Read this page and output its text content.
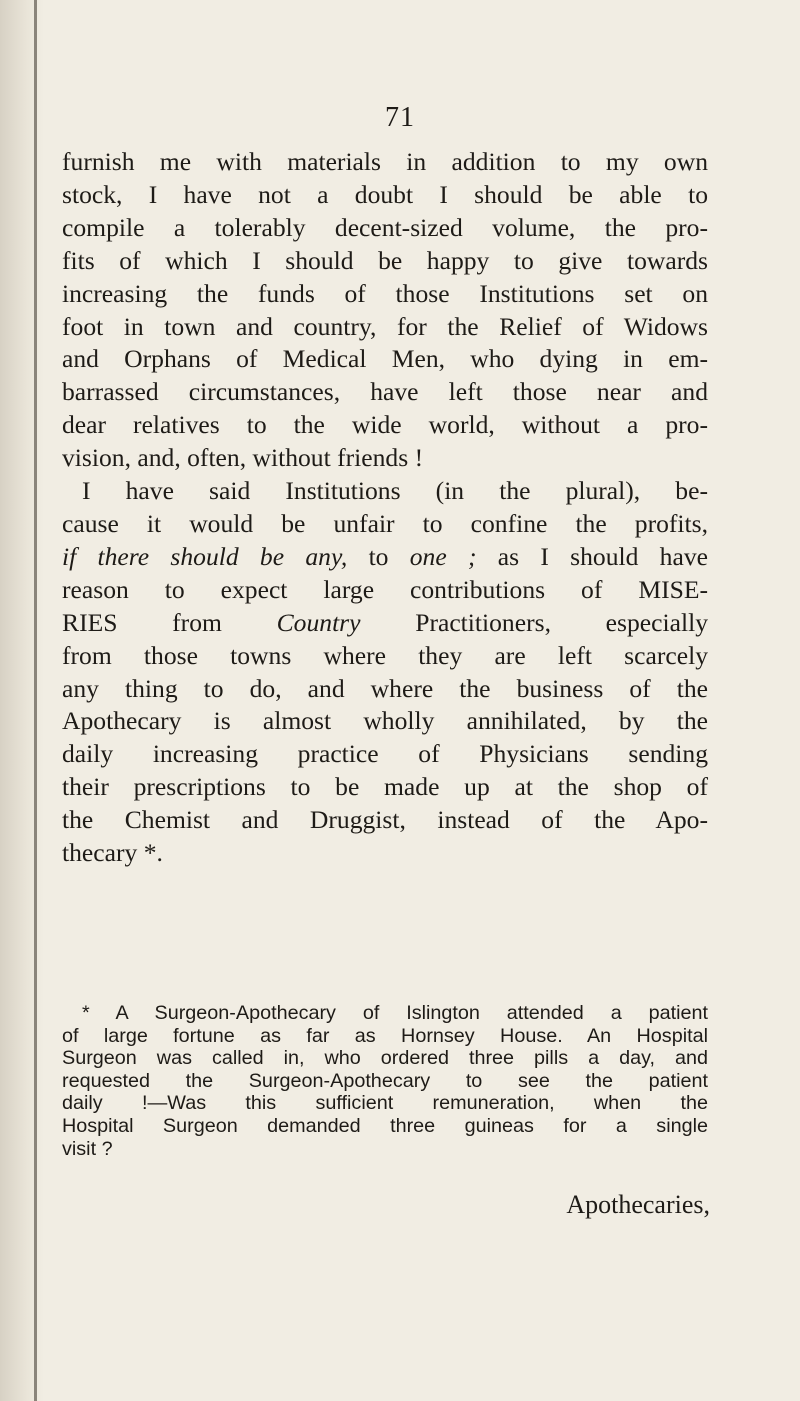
71
furnish me with materials in addition to my own
stock, I have not a doubt I should be able to
compile a tolerably decent-sized volume, the pro-
fits of which I should be happy to give towards
increasing the funds of those Institutions set on
foot in town and country, for the Relief of Widows
and Orphans of Medical Men, who dying in em-
barrassed circumstances, have left those near and
dear relatives to the wide world, without a pro-
vision, and, often, without friends !
I have said Institutions (in the plural), be-
cause it would be unfair to confine the profits,
if there should be any, to one ; as I should have
reason to expect large contributions of MISE-
RIES from Country Practitioners, especially
from those towns where they are left scarcely
any thing to do, and where the business of the
Apothecary is almost wholly annihilated, by the
daily increasing practice of Physicians sending
their prescriptions to be made up at the shop of
the Chemist and Druggist, instead of the Apo-
thecary *.
* A Surgeon-Apothecary of Islington attended a patient
of large fortune as far as Hornsey House. An Hospital
Surgeon was called in, who ordered three pills a day, and
requested the Surgeon-Apothecary to see the patient
daily !—Was this sufficient remuneration, when the
Hospital Surgeon demanded three guineas for a single
visit ?
Apothecaries,
